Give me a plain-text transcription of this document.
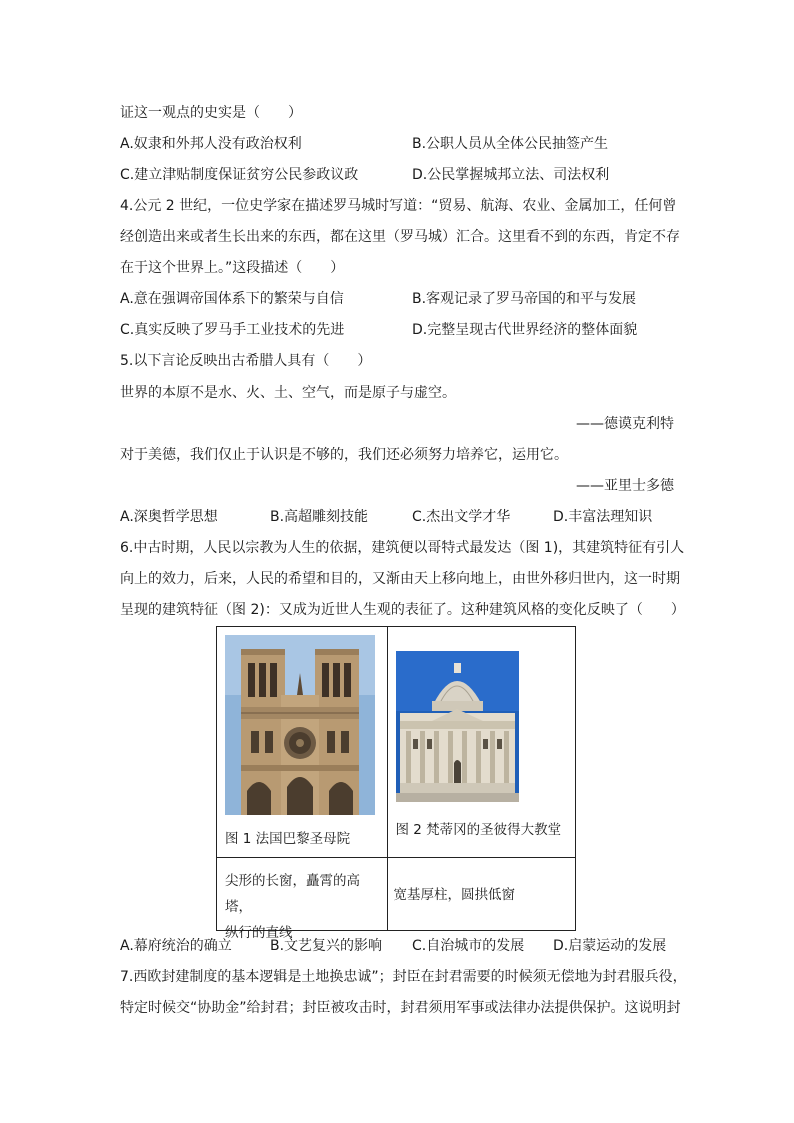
证这一观点的史实是（　　）
A.奴隶和外邦人没有政治权利	B.公职人员从全体公民抽签产生
C.建立津贴制度保证贫穷公民参政议政	D.公民掌握城邦立法、司法权利
4.公元 2 世纪，一位史学家在描述罗马城时写道：“贸易、航海、农业、金属加工，任何曾
经创造出来或者生长出来的东西，都在这里（罗马城）汇合。这里看不到的东西，肯定不存
在于这个世界上。”这段描述（　　）
A.意在强调帝国体系下的繁荣与自信	B.客观记录了罗马帝国的和平与发展
C.真实反映了罗马手工业技术的先进	D.完整呈现古代世界经济的整体面貌
5.以下言论反映出古希腊人具有（　　）
世界的本原不是水、火、土、空气，而是原子与虚空。
——德谟克利特
对于美德，我们仅止于认识是不够的，我们还必须努力培养它，运用它。
——亚里士多德
A.深奥哲学思想	B.高超雕刻技能	C.杰出文学才华	D.丰富法理知识
6.中古时期，人民以宗教为人生的依据，建筑便以哥特式最发达（图 1)，其建筑特征有引人
向上的效力，后来，人民的希望和目的，又渐由天上移向地上，由世外移归世内，这一时期
呈现的建筑特征（图 2)：又成为近世人生观的表征了。这种建筑风格的变化反映了（　　）
图 1 法国巴黎圣母院	图 2 梵蒂冈的圣彼得大教堂

尖形的长窗，矗霄的高塔，
纵行的直线	宽基厚柱，圆拱低窗
A.幕府统治的确立	B.文艺复兴的影响 C.自治城市的发展 D.启蒙运动的发展
7.西欧封建制度的基本逻辑是土地换忠诚”；封臣在封君需要的时候须无偿地为封君服兵役，
特定时候交“协助金”给封君；封臣被攻击时，封君须用军事或法律办法提供保护。这说明封
